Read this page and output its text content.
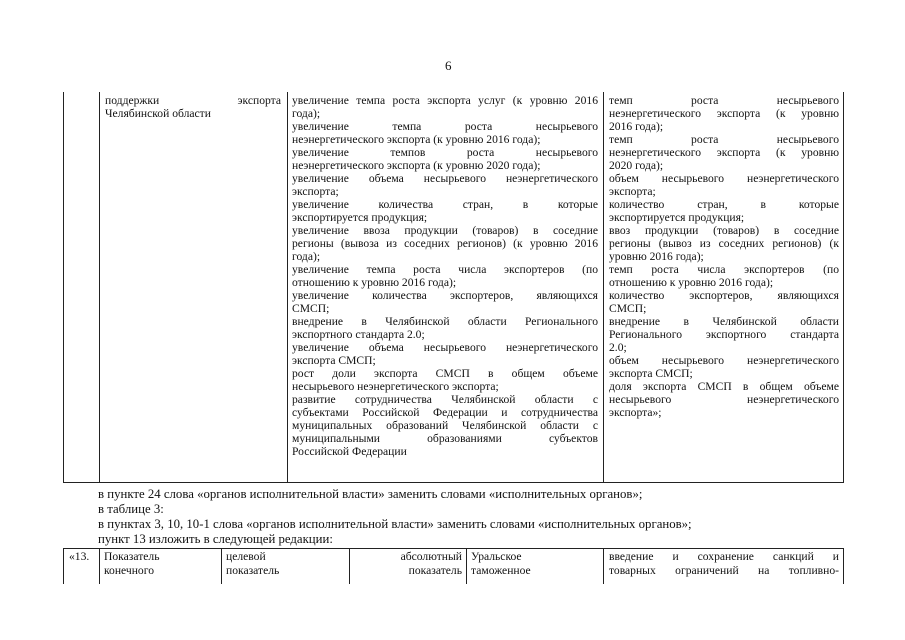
6
поддержки экспорта
Челябинской области
увеличение темпа роста экспорта услуг (к уровню 2016
года);
увеличение темпа роста несырьевого
неэнергетического экспорта (к уровню 2016 года);
увеличение темпов роста несырьевого
неэнергетического экспорта (к уровню 2020 года);
увеличение объема несырьевого неэнергетического
экспорта;
увеличение количества стран, в которые
экспортируется продукция;
увеличение ввоза продукции (товаров) в соседние
регионы (вывоза из соседних регионов) (к уровню 2016
года);
увеличение темпа роста числа экспортеров (по
отношению к уровню 2016 года);
увеличение количества экспортеров, являющихся
СМСП;
внедрение в Челябинской области Регионального
экспортного стандарта 2.0;
увеличение объема несырьевого неэнергетического
экспорта СМСП;
рост доли экспорта СМСП в общем объеме
несырьевого неэнергетического экспорта;
развитие сотрудничества Челябинской области с
субъектами Российской Федерации и сотрудничества
муниципальных образований Челябинской области с
муниципальными образованиями субъектов
Российской Федерации
темп роста несырьевого
неэнергетического экспорта (к уровню
2016 года);
темп роста несырьевого
неэнергетического экспорта (к уровню
2020 года);
объем несырьевого неэнергетического
экспорта;
количество стран, в которые
экспортируется продукция;
ввоз продукции (товаров) в соседние
регионы (вывоз из соседних регионов) (к
уровню 2016 года);
темп роста числа экспортеров (по
отношению к уровню 2016 года);
количество экспортеров, являющихся
СМСП;
внедрение в Челябинской области
Регионального экспортного стандарта
2.0;
объем несырьевого неэнергетического
экспорта СМСП;
доля экспорта СМСП в общем объеме
несырьевого неэнергетического
экспорта»;
в пункте 24 слова «органов исполнительной власти» заменить словами «исполнительных органов»;
в таблице 3:
в пунктах 3, 10, 10-1 слова «органов исполнительной власти» заменить словами «исполнительных органов»;
пункт 13 изложить в следующей редакции:
«13. Показатель
конечного
целевой
показатель
абсолютный
показатель
Уральское
таможенное
введение и сохранение санкций и
товарных ограничений на топливно-
